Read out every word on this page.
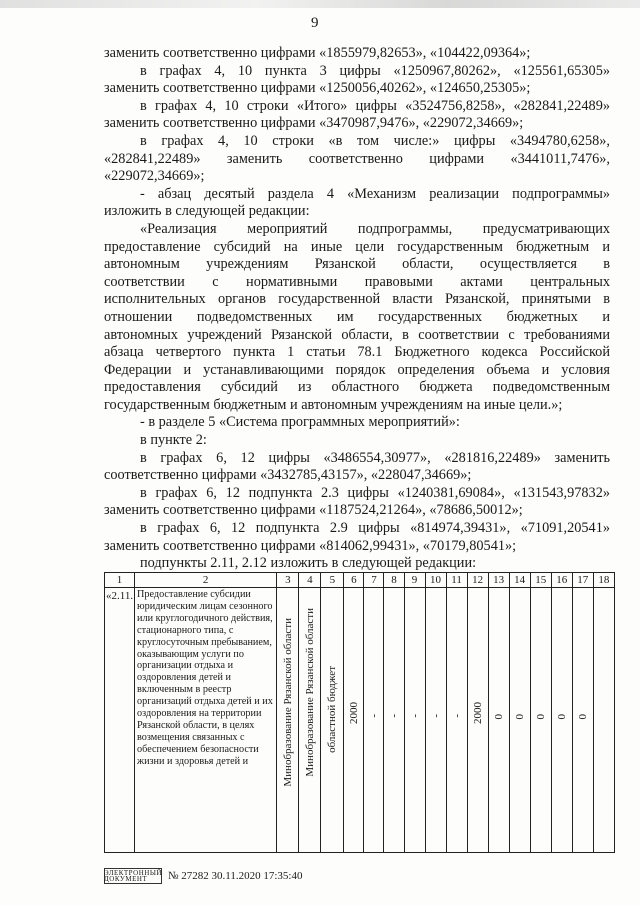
9
заменить соответственно цифрами «1855979,82653», «104422,09364»;
в графах 4, 10 пункта 3 цифры «1250967,80262», «125561,65305»
заменить соответственно цифрами «1250056,40262», «124650,25305»;
в графах 4, 10 строки «Итого» цифры «3524756,8258», «282841,22489»
заменить соответственно цифрами «3470987,9476», «229072,34669»;
в графах 4, 10 строки «в том числе:» цифры «3494780,6258»,
«282841,22489» заменить соответственно цифрами «3441011,7476»,
«229072,34669»;
- абзац десятый раздела 4 «Механизм реализации подпрограммы»
изложить в следующей редакции:
«Реализация мероприятий подпрограммы, предусматривающих
предоставление субсидий на иные цели государственным бюджетным и
автономным учреждениям Рязанской области, осуществляется в
соответствии с нормативными правовыми актами центральных
исполнительных органов государственной власти Рязанской, принятыми в
отношении подведомственных им государственных бюджетных и
автономных учреждений Рязанской области, в соответствии с требованиями
абзаца четвертого пункта 1 статьи 78.1 Бюджетного кодекса Российской
Федерации и устанавливающими порядок определения объема и условия
предоставления субсидий из областного бюджета подведомственным
государственным бюджетным и автономным учреждениям на иные цели.»;
- в разделе 5 «Система программных мероприятий»:
в пункте 2:
в графах 6, 12 цифры «3486554,30977», «281816,22489» заменить
соответственно цифрами «3432785,43157», «228047,34669»;
в графах 6, 12 подпункта 2.3 цифры «1240381,69084», «131543,97832»
заменить соответственно цифрами «1187524,21264», «78686,50012»;
в графах 6, 12 подпункта 2.9 цифры «814974,39431», «71091,20541»
заменить соответственно цифрами «814062,99431», «70179,80541»;
подпункты 2.11, 2.12 изложить в следующей редакции:
1	2	3	4	5	6	7	8	9	10	11	12	13	14	15	16	17	18
«2.11.	Предоставление субсидии юридическим лицам сезонного или круглогодичного действия, стационарного типа, с круглосуточным пребыванием, оказывающим услуги по организации отдыха и оздоровления детей и включенным в реестр организаций отдыха детей и их оздоровления на территории Рязанской области, в целях возмещения связанных с обеспечением безопасности жизни и здоровья детей и	Минобразование Рязанской области	Минобразование Рязанской области	областной бюджет	2000	-	-	-	-	-	2000	0	0	0	0	0	

ЭЛЕКТРОННЫЙ ДОКУМЕНТ	№ 27282 30.11.2020 17:35:40
